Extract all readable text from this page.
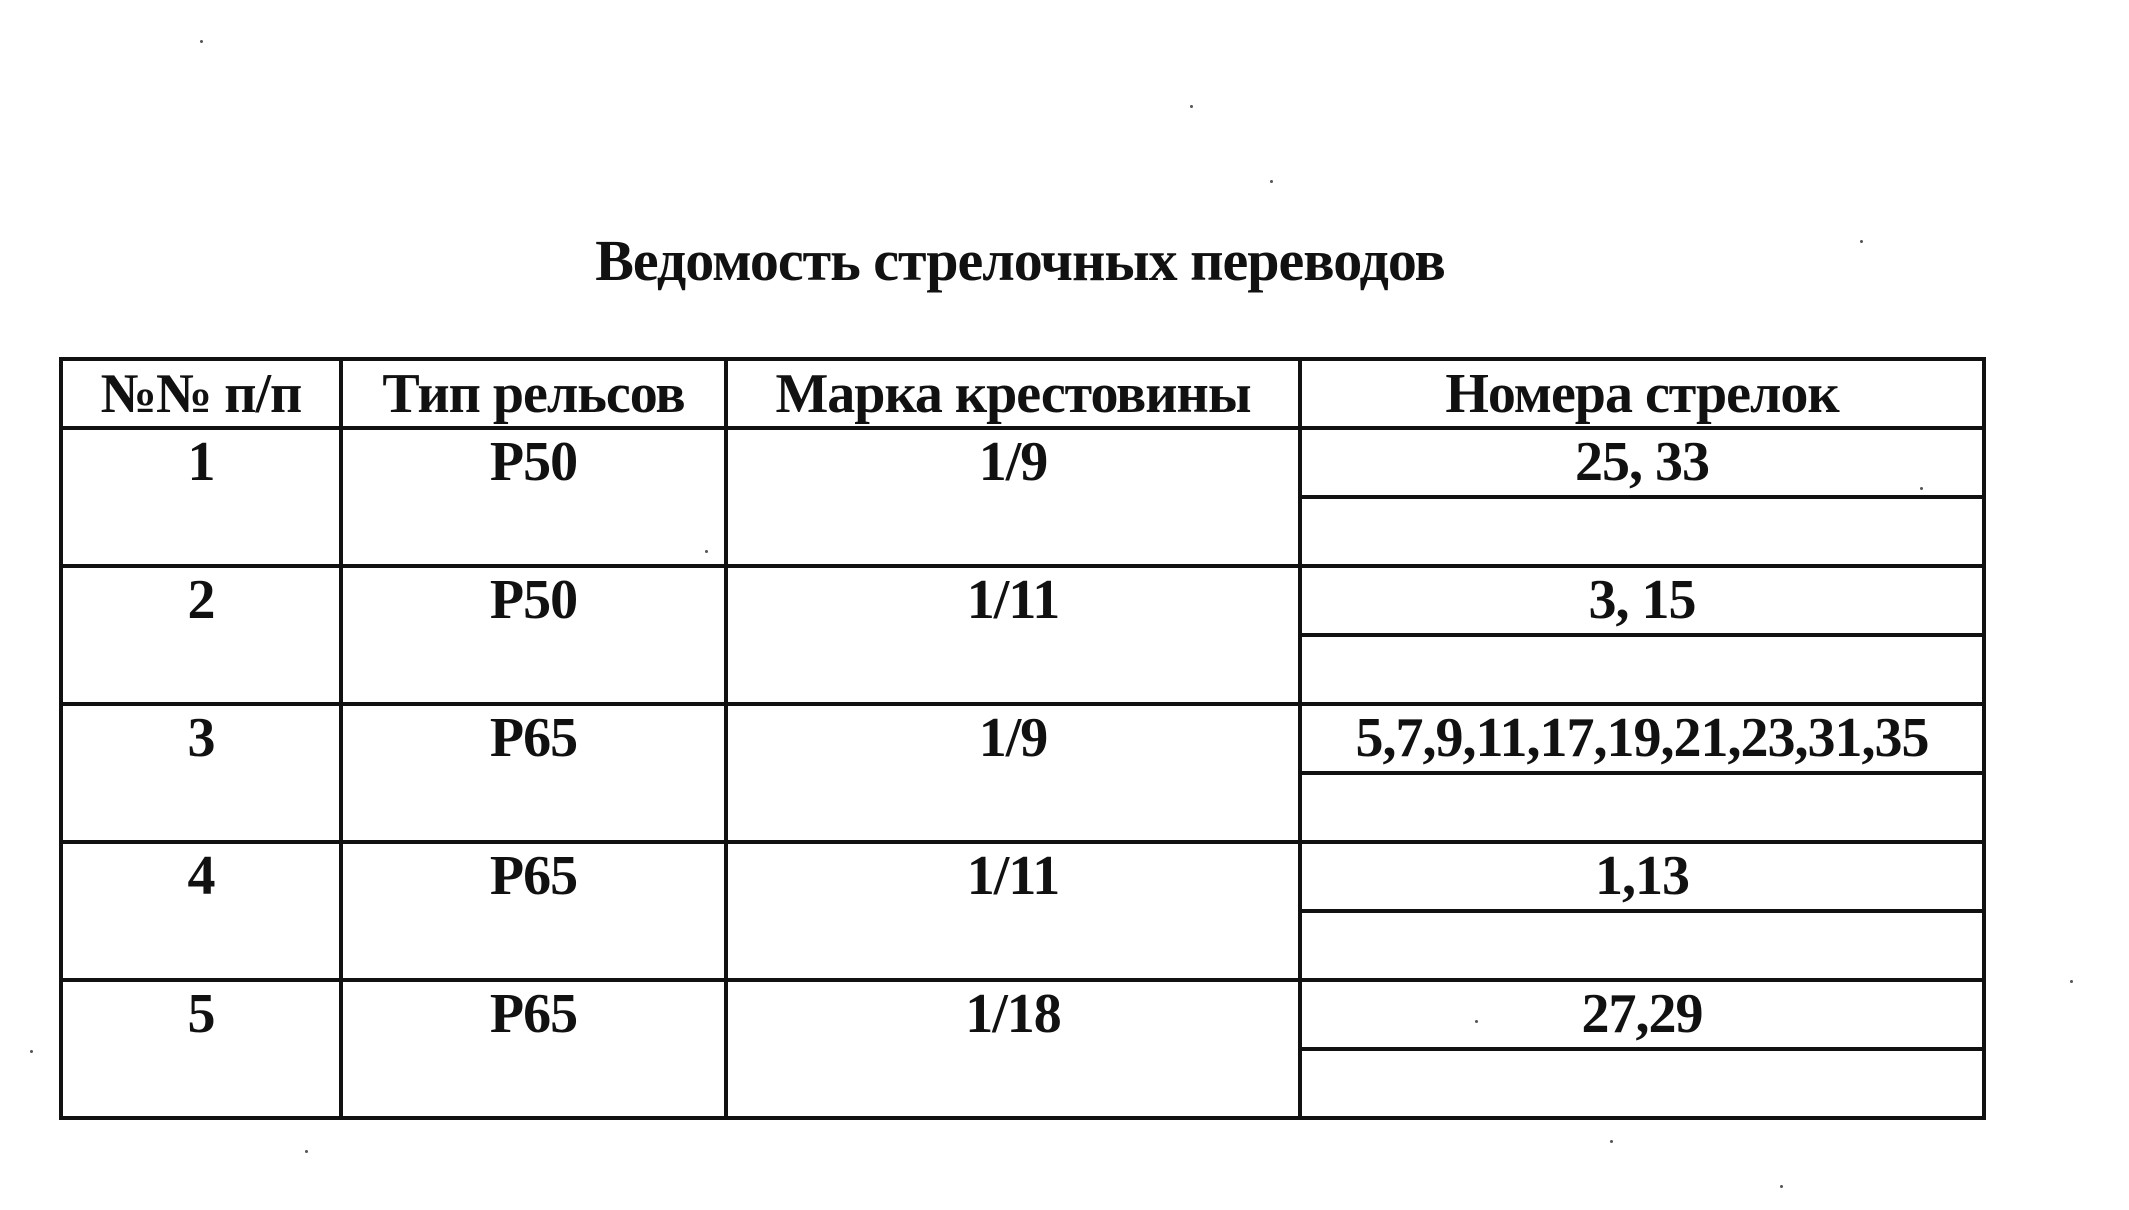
Ведомость стрелочных переводов
№№ п/п	Тип рельсов	Марка крестовины	Номера стрелок
1	Р50	1/9	25, 33

2	Р50	1/11	3, 15

3	Р65	1/9	5,7,9,11,17,19,21,23,31,35

4	Р65	1/11	1,13

5	Р65	1/18	27,29
